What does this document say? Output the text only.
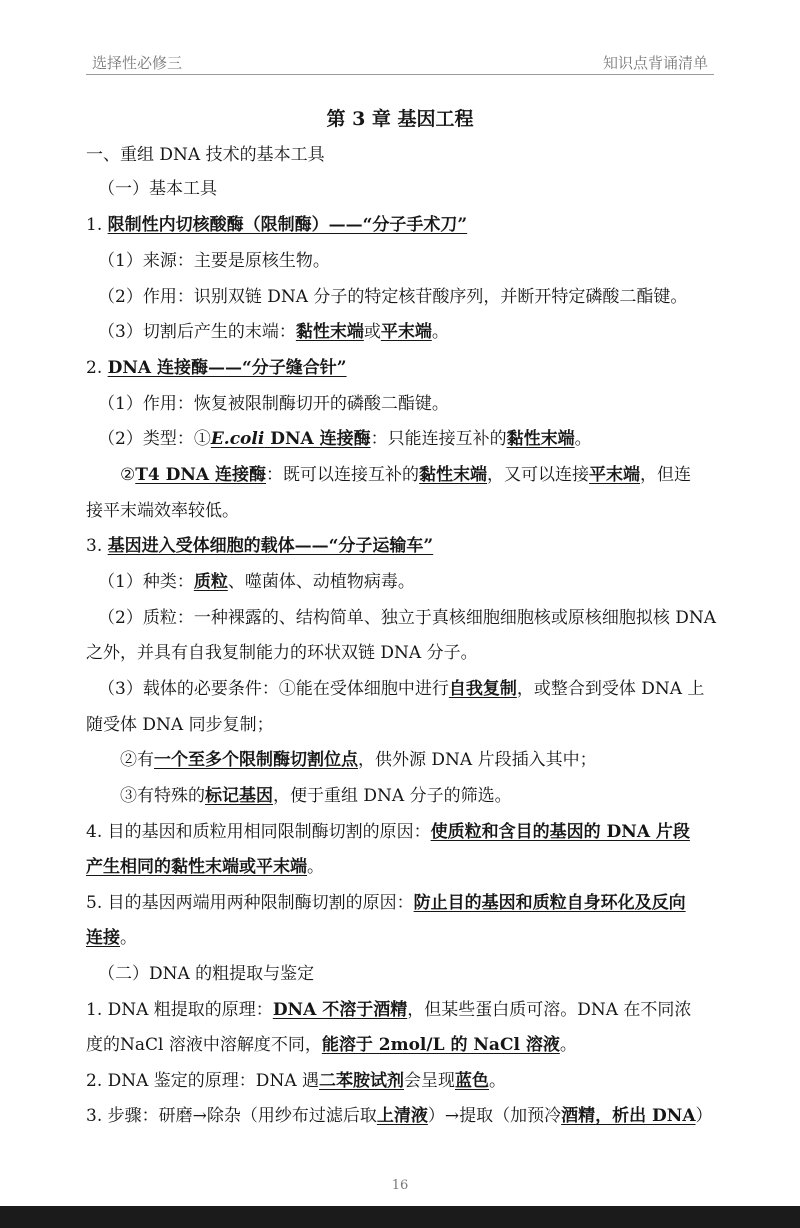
选择性必修三	知识点背诵清单
第 3 章 基因工程
一、重组 DNA 技术的基本工具
（一）基本工具
1. 限制性内切核酸酶（限制酶）——“分子手术刀”
（1）来源：主要是原核生物。
（2）作用：识别双链 DNA 分子的特定核苷酸序列，并断开特定磷酸二酯键。
（3）切割后产生的末端：黏性末端或平末端。
2. DNA 连接酶——“分子缝合针”
（1）作用：恢复被限制酶切开的磷酸二酯键。
（2）类型：①E.coli DNA 连接酶：只能连接互补的黏性末端。
②T4 DNA 连接酶：既可以连接互补的黏性末端，又可以连接平末端，但连
接平末端效率较低。
3. 基因进入受体细胞的载体——“分子运输车”
（1）种类：质粒、噬菌体、动植物病毒。
（2）质粒：一种裸露的、结构简单、独立于真核细胞细胞核或原核细胞拟核 DNA
之外，并具有自我复制能力的环状双链 DNA 分子。
（3）载体的必要条件：①能在受体细胞中进行自我复制，或整合到受体 DNA 上
随受体 DNA 同步复制；
②有一个至多个限制酶切割位点，供外源 DNA 片段插入其中；
③有特殊的标记基因，便于重组 DNA 分子的筛选。
4. 目的基因和质粒用相同限制酶切割的原因：使质粒和含目的基因的 DNA 片段
产生相同的黏性末端或平末端。
5. 目的基因两端用两种限制酶切割的原因：防止目的基因和质粒自身环化及反向
连接。
（二）DNA 的粗提取与鉴定
1. DNA 粗提取的原理：DNA 不溶于酒精，但某些蛋白质可溶。DNA 在不同浓
度的NaCl 溶液中溶解度不同，能溶于 2mol/L 的 NaCl 溶液。
2. DNA 鉴定的原理：DNA 遇二苯胺试剂会呈现蓝色。
3. 步骤：研磨→除杂（用纱布过滤后取上清液）→提取（加预冷酒精，析出 DNA）
16
